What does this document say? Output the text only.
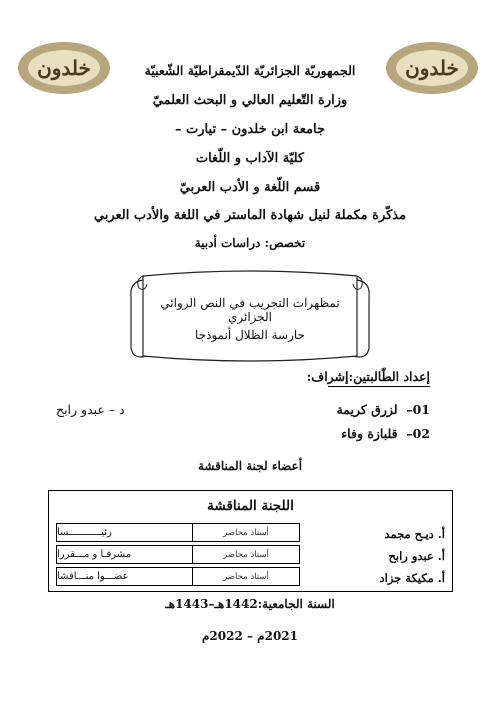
خلدون	خلدون
الجمهوريّة الجزائريّة الدّيمقراطيّة الشّعبيّة
وزارة التّعليم العالي و البحث العلميّ
جامعة ابن خلدون – تيارت –
كليّة الآداب و اللّغات
قسم اللّغة و الأدب العربيّ
مذكّرة مكملة لنيل شهادة الماستر في اللغة والأدب العربي
تخصص: دراسات أدبية
تمظهرات التجريب في النص الروائي الجزائري
حارسة الظلال أنموذجا
إعداد الطّالبتين:إشراف:
01–  لزرق كريمة
02–  قلبازة وفاء
د – عبدو رابح
أعضاء لجنة المناقشة
اللجنة المناقشة
أ. ديـح مجمد
أستاذ محاضر
رئيـــــــــــسا
أ. عبدو رابح
أستاذ محاضر
مشرفـا و مـــقررا
أ. مكيكة جزاد
أستاذ محاضر
عضـــوا منـــاقشا
السنة الجامعية:1442هـ–1443هـ
2021م – 2022م
